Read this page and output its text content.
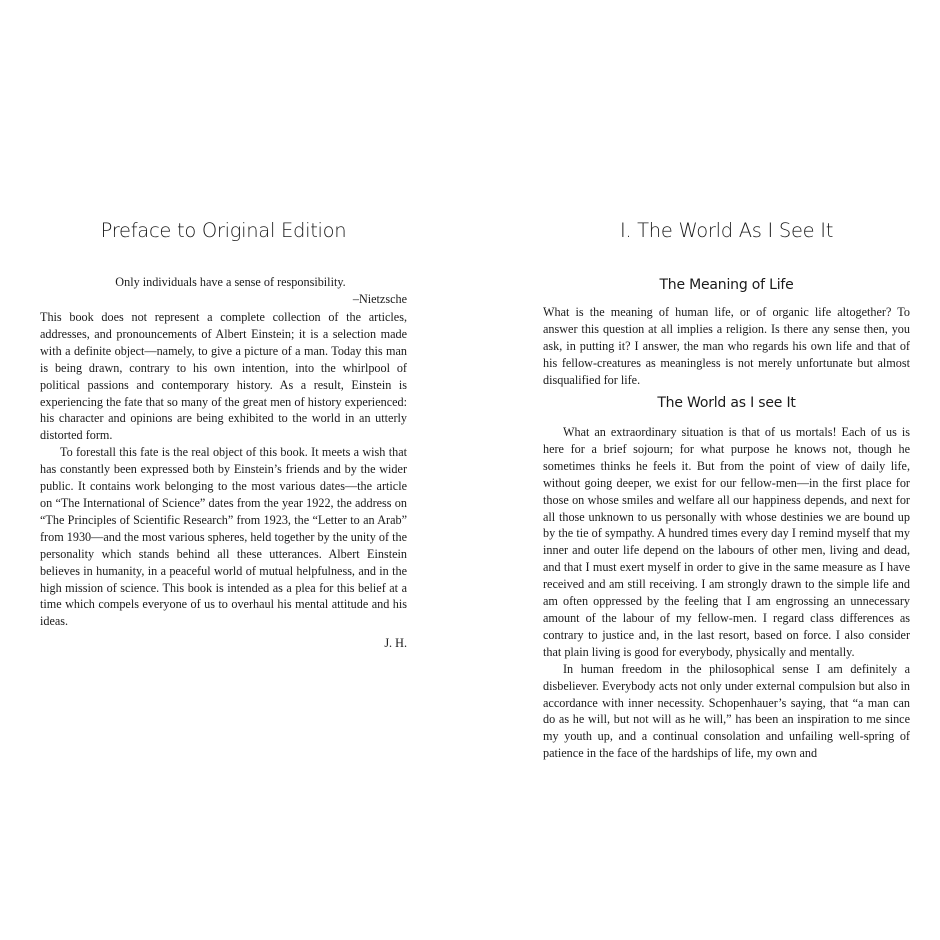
Preface to Original Edition
Only individuals have a sense of responsibility.
–Nietzsche

This book does not represent a complete collection of the articles, addresses, and pronouncements of Albert Einstein; it is a selection made with a definite object—namely, to give a picture of a man. Today this man is being drawn, contrary to his own intention, into the whirlpool of political passions and contemporary history. As a result, Einstein is experiencing the fate that so many of the great men of history experienced: his character and opinions are being exhibited to the world in an utterly distorted form.

To forestall this fate is the real object of this book. It meets a wish that has constantly been expressed both by Einstein’s friends and by the wider public. It contains work belonging to the most various dates—the article on “The International of Science” dates from the year 1922, the address on “The Principles of Scientific Research” from 1923, the “Letter to an Arab” from 1930—and the most various spheres, held together by the unity of the personality which stands behind all these utterances. Albert Einstein believes in humanity, in a peaceful world of mutual helpfulness, and in the high mission of science. This book is intended as a plea for this belief at a time which compels everyone of us to overhaul his mental attitude and his ideas.

J. H.
I. The World As I See It
The Meaning of Life

What is the meaning of human life, or of organic life altogether? To answer this question at all implies a religion. Is there any sense then, you ask, in putting it? I answer, the man who regards his own life and that of his fellow-creatures as meaningless is not merely unfortunate but almost disqualified for life.

The World as I see It

What an extraordinary situation is that of us mortals! Each of us is here for a brief sojourn; for what purpose he knows not, though he sometimes thinks he feels it. But from the point of view of daily life, without going deeper, we exist for our fellow-men—in the first place for those on whose smiles and welfare all our happiness depends, and next for all those unknown to us personally with whose destinies we are bound up by the tie of sympathy. A hundred times every day I remind myself that my inner and outer life depend on the labours of other men, living and dead, and that I must exert myself in order to give in the same measure as I have received and am still receiving. I am strongly drawn to the simple life and am often oppressed by the feeling that I am engrossing an unnecessary amount of the labour of my fellow-men. I regard class differences as contrary to justice and, in the last resort, based on force. I also consider that plain living is good for everybody, physically and mentally.

In human freedom in the philosophical sense I am definitely a disbeliever. Everybody acts not only under external compulsion but also in accordance with inner necessity. Schopenhauer’s saying, that “a man can do as he will, but not will as he will,” has been an inspiration to me since my youth up, and a continual consolation and unfailing well-spring of patience in the face of the hardships of life, my own and
